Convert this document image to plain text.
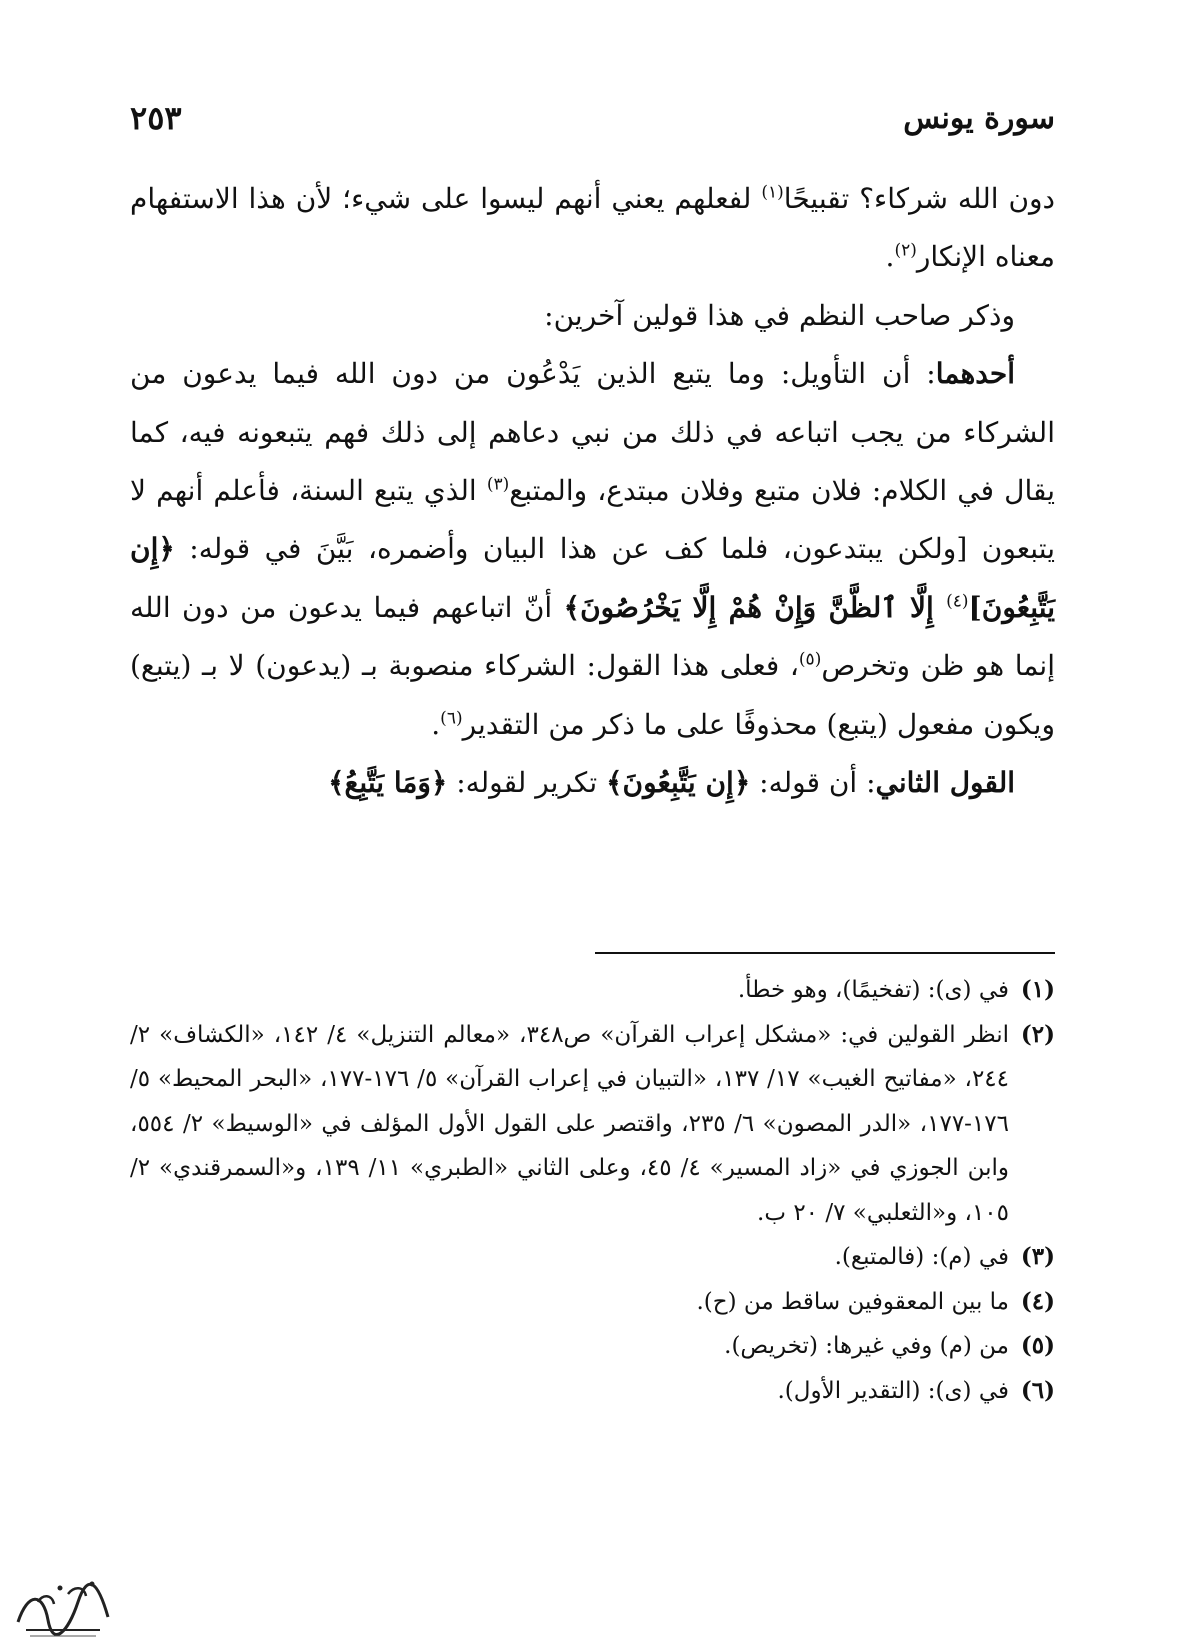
سورة يونس
٢٥٣

دون الله شركاء؟ تقبيحًا$^{(١)}$ لفعلهم يعني أنهم ليسوا على شيء؛ لأن هذا الاستفهام معناه الإنكار$^{(٢)}$.

وذكر صاحب النظم في هذا قولين آخرين:

أحدهما: أن التأويل: وما يتبع الذين يَدْعُون من دون الله فيما يدعون من الشركاء من يجب اتباعه في ذلك من نبي دعاهم إلى ذلك فهم يتبعونه فيه، كما يقال في الكلام: فلان متبع وفلان مبتدع، والمتبع$^{(٣)}$ الذي يتبع السنة، فأعلم أنهم لا يتبعون [ولكن يبتدعون، فلما كف عن هذا البيان وأضمره، بَيَّنَ في قوله: ﴿إِن يَتَّبِعُونَ]$^{(٤)}$ إِلَّا ٱلظَّنَّ وَإِنْ هُمْ إِلَّا يَخْرُصُونَ﴾ أنّ اتباعهم فيما يدعون من دون الله إنما هو ظن وتخرص$^{(٥)}$، فعلى هذا القول: الشركاء منصوبة بـ (يدعون) لا بـ (يتبع) ويكون مفعول (يتبع) محذوفًا على ما ذكر من التقدير$^{(٦)}$.

القول الثاني: أن قوله: ﴿إِن يَتَّبِعُونَ﴾ تكرير لقوله: ﴿وَمَا يَتَّبِعُ﴾

(١)
في (ى): (تفخيمًا)، وهو خطأ.
(٢)
انظر القولين في: «مشكل إعراب القرآن» ص٣٤٨، «معالم التنزيل» ٤/ ١٤٢، «الكشاف» ٢/ ٢٤٤، «مفاتيح الغيب» ١٧/ ١٣٧، «التبيان في إعراب القرآن» ٥/ ١٧٦-١٧٧، «البحر المحيط» ٥/ ١٧٦-١٧٧، «الدر المصون» ٦/ ٢٣٥، واقتصر على القول الأول المؤلف في «الوسيط» ٢/ ٥٥٤، وابن الجوزي في «زاد المسير» ٤/ ٤٥، وعلى الثاني «الطبري» ١١/ ١٣٩، و«السمرقندي» ٢/ ١٠٥، و«الثعلبي» ٧/ ٢٠ ب.
(٣)
في (م): (فالمتبع).
(٤)
ما بين المعقوفين ساقط من (ح).
(٥)
من (م) وفي غيرها: (تخريص).
(٦)
في (ى): (التقدير الأول).
